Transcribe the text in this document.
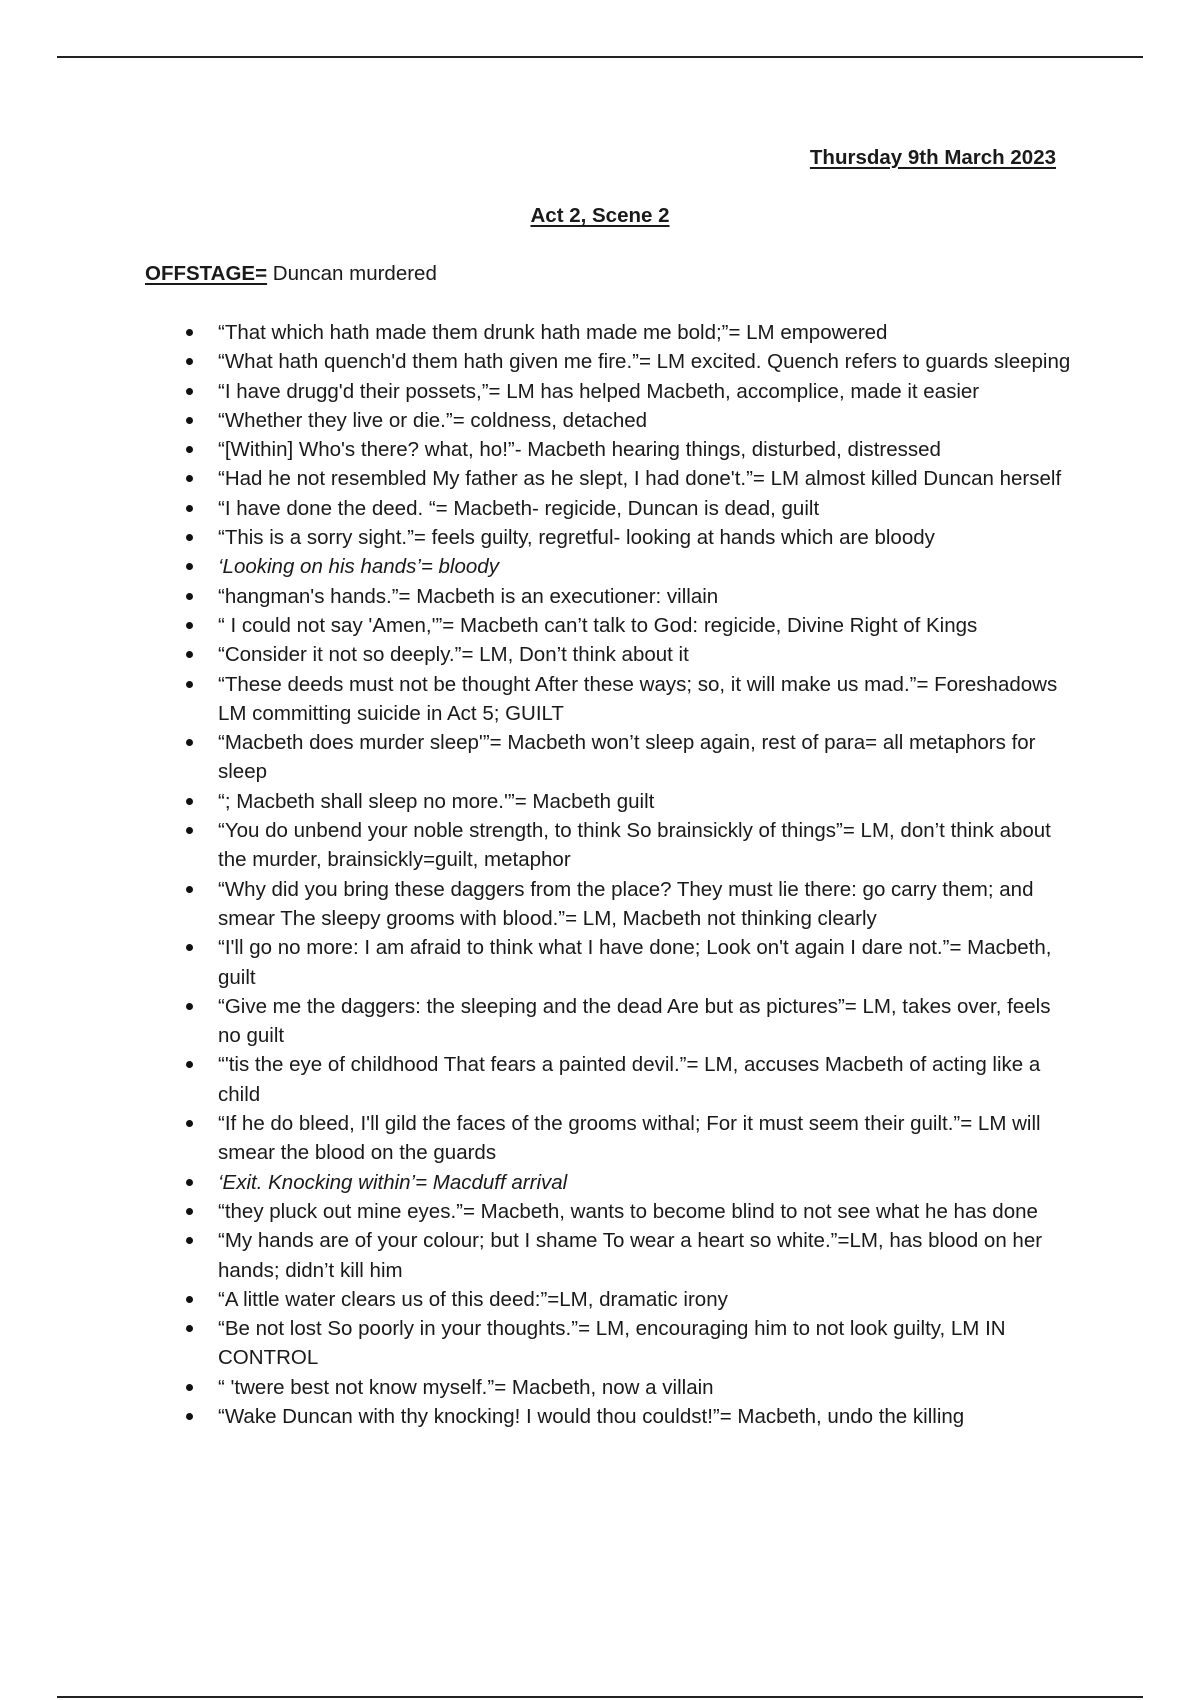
Thursday 9th March 2023
Act 2, Scene 2
OFFSTAGE= Duncan murdered
“That which hath made them drunk hath made me bold;”= LM empowered
“What hath quench'd them hath given me fire.”= LM excited. Quench refers to guards sleeping
“I have drugg'd their possets,”= LM has helped Macbeth, accomplice, made it easier
“Whether they live or die.”= coldness, detached
“[Within] Who's there? what, ho!”- Macbeth hearing things, disturbed, distressed
“Had he not resembled My father as he slept, I had done't.”= LM almost killed Duncan herself
“I have done the deed. “= Macbeth- regicide, Duncan is dead, guilt
“This is a sorry sight.”= feels guilty, regretful- looking at hands which are bloody
‘Looking on his hands’= bloody
“hangman's hands.”= Macbeth is an executioner: villain
“ I could not say 'Amen,'”= Macbeth can’t talk to God: regicide, Divine Right of Kings
“Consider it not so deeply.”= LM, Don’t think about it
“These deeds must not be thought After these ways; so, it will make us mad.”= Foreshadows LM committing suicide in Act 5; GUILT
“Macbeth does murder sleep'”= Macbeth won’t sleep again, rest of para= all metaphors for sleep
“; Macbeth shall sleep no more.'”= Macbeth guilt
“You do unbend your noble strength, to think So brainsickly of things”= LM, don’t think about the murder, brainsickly=guilt, metaphor
“Why did you bring these daggers from the place? They must lie there: go carry them; and smear The sleepy grooms with blood.”= LM, Macbeth not thinking clearly
“I'll go no more: I am afraid to think what I have done; Look on't again I dare not.”= Macbeth, guilt
“Give me the daggers: the sleeping and the dead Are but as pictures”= LM, takes over, feels no guilt
“'tis the eye of childhood That fears a painted devil.”= LM, accuses Macbeth of acting like a child
“If he do bleed, I'll gild the faces of the grooms withal; For it must seem their guilt.”= LM will smear the blood on the guards
‘Exit. Knocking within’= Macduff arrival
“they pluck out mine eyes.”= Macbeth, wants to become blind to not see what he has done
“My hands are of your colour; but I shame To wear a heart so white.”=LM, has blood on her hands; didn’t kill him
“A little water clears us of this deed:”=LM, dramatic irony
“Be not lost So poorly in your thoughts.”= LM, encouraging him to not look guilty, LM IN CONTROL
“ 'twere best not know myself.”= Macbeth, now a villain
“Wake Duncan with thy knocking! I would thou couldst!”= Macbeth, undo the killing
